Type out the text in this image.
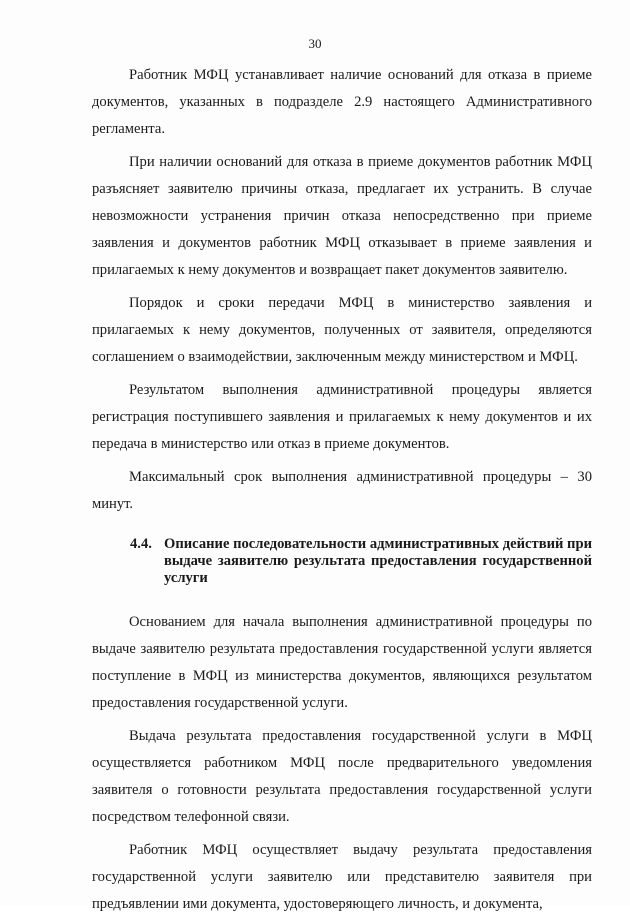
30

Работник МФЦ устанавливает наличие оснований для отказа в приеме документов, указанных в подразделе 2.9 настоящего Административного регламента.

При наличии оснований для отказа в приеме документов работник МФЦ разъясняет заявителю причины отказа, предлагает их устранить. В случае невозможности устранения причин отказа непосредственно при приеме заявления и документов работник МФЦ отказывает в приеме заявления и прилагаемых к нему документов и возвращает пакет документов заявителю.

Порядок и сроки передачи МФЦ в министерство заявления и прилагаемых к нему документов, полученных от заявителя, определяются соглашением о взаимодействии, заключенным между министерством и МФЦ.

Результатом выполнения административной процедуры является регистрация поступившего заявления и прилагаемых к нему документов и их передача в министерство или отказ в приеме документов.

Максимальный срок выполнения административной процедуры – 30 минут.

4.4. Описание последовательности административных действий при выдаче заявителю результата предоставления государственной услуги

Основанием для начала выполнения административной процедуры по выдаче заявителю результата предоставления государственной услуги является поступление в МФЦ из министерства документов, являющихся результатом предоставления государственной услуги.

Выдача результата предоставления государственной услуги в МФЦ осуществляется работником МФЦ после предварительного уведомления заявителя о готовности результата предоставления государственной услуги посредством телефонной связи.

Работник МФЦ осуществляет выдачу результата предоставления государственной услуги заявителю или представителю заявителя при предъявлении ими документа, удостоверяющего личность, и документа,
